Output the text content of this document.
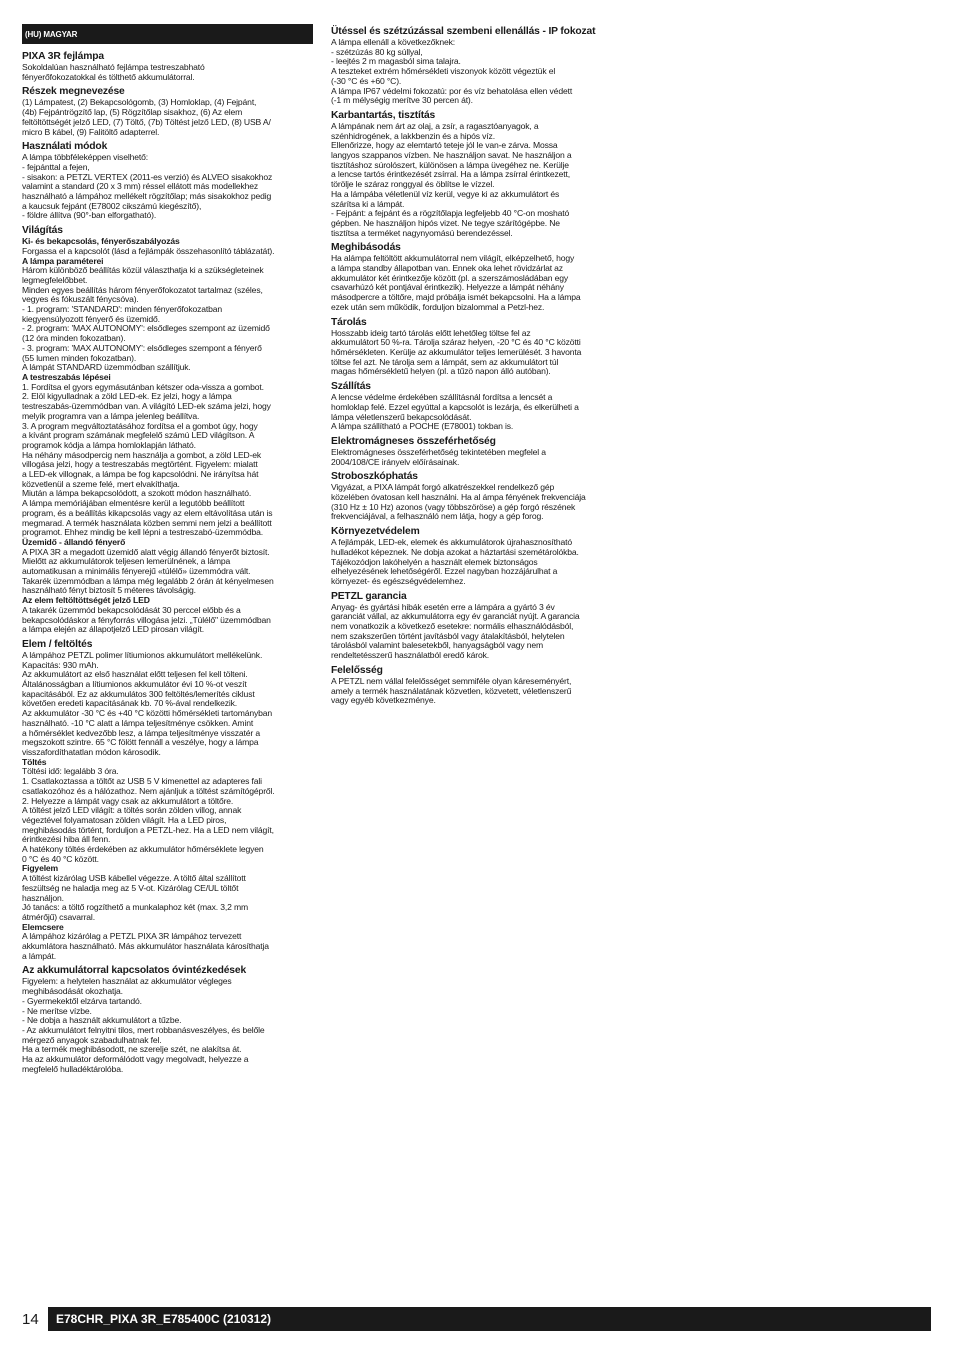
(HU) MAGYAR
PIXA 3R fejlámpa

Sokoldalúan használható fejlámpa testreszabható
fényerőfokozatokkal és tölthető akkumulátorral.

Részek megnevezése

(1) Lámpatest, (2) Bekapcsológomb, (3) Homloklap, (4) Fejpánt,
(4b) Fejpántrögzítő lap, (5) Rögzítőlap sisakhoz, (6) Az elem
feltöltöttségét jelző LED, (7) Töltő, (7b) Töltést jelző LED, (8) USB A/
micro B kábel, (9) Falitöltő adapterrel.

Használati módok

A lámpa többféleképpen viselhető:
- fejpánttal a fejen,
- sisakon: a PETZL VERTEX (2011-es verzió) és ALVEO sisakokhoz
valamint a standard (20 x 3 mm) réssel ellátott más modellekhez
használható a lámpához mellékelt rögzítőlap; más sisakokhoz pedig
a kaucsuk fejpánt (E78002 cikszámú kiegészítő),
- földre állítva (90°-ban elforgatható).

Világítás
Ki- és bekapcsolás, fényerőszabályozás

Forgassa el a kapcsolót (lásd a fejlámpák összehasonlító táblázatát).

A lámpa paraméterei

Három különböző beállítás közül választhatja ki a szükségleteinek
legmegfelelőbbet.
Minden egyes beállítás három fényerőfokozatot tartalmaz (széles,
vegyes és fókuszált fénycsóva).
- 1. program: 'STANDARD': minden fényerőfokozatban
kiegyensúlyozott fényerő és üzemidő.
- 2. program: 'MAX AUTONOMY': elsődleges szempont az üzemidő
(12 óra minden fokozatban).
- 3. program: 'MAX AUTONOMY': elsődleges szempont a fényerő
(55 lumen minden fokozatban).
A lámpát STANDARD üzemmódban szállítjuk.

A testreszabás lépései

1. Fordítsa el gyors egymásutánban kétszer oda-vissza a gombot.
2. Elöl kigyulladnak a zöld LED-ek. Ez jelzi, hogy a lámpa
testreszabás-üzemmódban van. A világító LED-ek száma jelzi, hogy
melyik programra van a lámpa jelenleg beállítva.
3. A program megváltoztatásához fordítsa el a gombot úgy, hogy
a kívánt program számának megfelelő számú LED világítson. A
programok kódja a lámpa homloklapján látható.
Ha néhány másodpercig nem használja a gombot, a zöld LED-ek
villogása jelzi, hogy a testreszabás megtörtént. Figyelem: mialatt
a LED-ek villognak, a lámpa be fog kapcsolódni. Ne irányítsa hát
közvetlenül a szeme felé, mert elvakíthatja.
Miután a lámpa bekapcsolódott, a szokott módon használható.
A lámpa memóriájában elmentésre kerül a legutóbb beállított
program, és a beállítás kikapcsolás vagy az elem eltávolítása után is
megmarad. A termék használata közben semmi nem jelzi a beállított
programot. Ehhez mindig be kell lépni a testreszabó-üzemmódba.

Üzemidő - állandó fényerő

A PIXA 3R a megadott üzemidő alatt végig állandó fényerőt biztosít.
Mielőtt az akkumulátorok teljesen lemerülnének, a lámpa
automatikusan a minimális fényerejű «túlélő» üzemmódra vált.
Takarék üzemmódban a lámpa még legalább 2 órán át kényelmesen
használható fényt biztosít 5 méteres távolságig.

Az elem feltöltöttségét jelző LED

A takarék üzemmód bekapcsolódását 30 perccel előbb és a
bekapcsolódáskor a fényforrás villogása jelzi. „Túlélő" üzemmódban
a lámpa elején az állapotjelző LED pirosan világít.

Elem / feltöltés

A lámpához PETZL polimer lítiumionos akkumulátort mellékelünk.
Kapacitás: 930 mAh.
Az akkumulátort az első használat előtt teljesen fel kell tölteni.
Általánosságban a lítiumionos akkumulátor évi 10 %-ot veszít
kapacitásából. Ez az akkumulátos 300 feltöltés/lemerítés ciklust
követően eredeti kapacitásának kb. 70 %-ával rendelkezik.
Az akkumulátor -30 °C és +40 °C közötti hőmérsékleti tartományban
használható. -10 °C alatt a lámpa teljesítménye csökken. Amint
a hőmérséklet kedvezőbb lesz, a lámpa teljesítménye visszatér a
megszokott szintre. 65 °C fölött fennáll a veszélye, hogy a lámpa
visszafordíthatatlan módon károsodik.

Töltés

Töltési idő: legalább 3 óra.
1. Csatlakoztassa a töltőt az USB 5 V kimenettel az adapteres fali
csatlakozóhoz és a hálózathoz. Nem ajánljuk a töltést számítógépről.
2. Helyezze a lámpát vagy csak az akkumulátort a töltőre.
A töltést jelző LED világít: a töltés során zölden villog, annak
végeztével folyamatosan zölden világít. Ha a LED piros,
meghibásodás történt, forduljon a PETZL-hez. Ha a LED nem világít,
érintkezési hiba áll fenn.
A hatékony töltés érdekében az akkumulátor hőmérséklete legyen
0 °C és 40 °C között.

Figyelem

A töltést kizárólag USB kábellel végezze. A töltő által szállított
feszültség ne haladja meg az 5 V-ot. Kizárólag CE/UL töltőt
használjon.
Jó tanács: a töltő rogzíthető a munkalaphoz két (max. 3,2 mm
átmérőjű) csavarral.

Elemcsere

A lámpához kizárólag a PETZL PIXA 3R lámpához tervezett
akkumlátora használható. Más akkumulátor használata károsíthatja
a lámpát.

Az akkumulátorral kapcsolatos óvintézkedések

Figyelem: a helytelen használat az akkumulátor végleges
meghibásodását okozhatja.
- Gyermekektől elzárva tartandó.
- Ne merítse vízbe.
- Ne dobja a használt akkumulátort a tűzbe.
- Az akkumulátort felnyitni tilos, mert robbanásveszélyes, és belőle
mérgező anyagok szabadulhatnak fel.
Ha a termék meghibásodott, ne szerelje szét, ne alakítsa át.
Ha az akkumulátor deformálódott vagy megolvadt, helyezze a
megfelelő hulladéktárolóba.

Ütéssel és szétzúzással szembeni ellenállás - IP fokozat

A lámpa ellenáll a következőknek:
- szétzúzás 80 kg súllyal,
- leejtés 2 m magasból sima talajra.
A teszteket extrém hőmérsékleti viszonyok között végeztük el
(-30 °C és +60 °C).
A lámpa IP67 védelmi fokozatú: por és víz behatolása ellen védett
(-1 m mélységig merítve 30 percen át).

Karbantartás, tisztítás

A lámpának nem árt az olaj, a zsír, a ragasztóanyagok, a
szénhidrogének, a lakkbenzin és a hipós víz.
Ellenőrizze, hogy az elemtartó teteje jól le van-e zárva. Mossa
langyos szappanos vízben. Ne használjon savat. Ne használjon a
tisztításhoz súrolószert, különösen a lámpa üvegéhez ne. Kerülje
a lencse tartós érintkezését zsírral. Ha a lámpa zsírral érintkezett,
törölje le száraz ronggyal és öblítse le vízzel.
Ha a lámpába véletlenül víz kerül, vegye ki az akkumulátort és
szárítsa ki a lámpát.
- Fejpánt: a fejpánt és a rögzítőlapja legfeljebb 40 °C-on mosható
gépben. Ne használjon hipós vizet. Ne tegye szárítógépbe. Ne
tisztítsa a terméket nagynyomású berendezéssel.

Meghibásodás

Ha alámpa feltöltött akkumulátorral nem világít, elképzelhető, hogy
a lámpa standby állapotban van. Ennek oka lehet rövidzárlat az
akkumulátor két érintkezője között (pl. a szerszámosládában egy
csavarhúzó két pontjával érintkezik). Helyezze a lámpát néhány
másodpercre a töltőre, majd próbálja ismét bekapcsolni. Ha a lámpa
ezek után sem működik, forduljon bizalommal a Petzl-hez.

Tárolás

Hosszabb ideig tartó tárolás előtt lehetőleg töltse fel az
akkumulátort 50 %-ra. Tárolja száraz helyen, -20 °C és 40 °C közötti
hőmérsékleten. Kerülje az akkumulátor teljes lemerülését. 3 havonta
töltse fel azt. Ne tárolja sem a lámpát, sem az akkumulátort túl
magas hőmérsékletű helyen (pl. a tűzö napon álló autóban).

Szállítás

A lencse védelme érdekében szállításnál fordítsa a lencsét a
homloklap felé. Ezzel egyúttal a kapcsolót is lezárja, és elkerülheti a
lámpa véletlenszerű bekapcsolódását.
A lámpa szállítható a POCHE (E78001) tokban is.

Elektromágneses összeférhetőség

Elektromágneses összeférhetőség tekintetében megfelel a
2004/108/CE irányelv előírásainak.

Stroboszkóphatás

Vigyázat, a PIXA lámpát forgó alkatrészekkel rendelkező gép
közelében óvatosan kell használni. Ha al ámpa fényének frekvenciája
(310 Hz ± 10 Hz) azonos (vagy többszöröse) a gép forgó részének
frekvenciájával, a felhasználó nem látja, hogy a gép forog.

Környezetvédelem

A fejlámpák, LED-ek, elemek és akkumulátorok újrahasznosítható
hulladékot képeznek. Ne dobja azokat a háztartási szemétárolókba.
Tájékozódjon lakóhelyén a használt elemek biztonságos
elhelyezésének lehetőségéről. Ezzel nagyban hozzájárulhat a
környezet- és egészségvédelemhez.

PETZL garancia

Anyag- és gyártási hibák esetén erre a lámpára a gyártó 3 év
garanciát vállal, az akkumulátorra egy év garanciát nyújt. A garancia
nem vonatkozik a következő esetekre: normális elhasználódásból,
nem szakszerűen történt javításból vagy átalakításból, helytelen
tárolásból valamint balesetekből, hanyagságból vagy nem
rendeltetésszerű használatból eredő károk.

Felelősség

A PETZL nem vállal felelősséget semmiféle olyan káreseményért,
amely a termék használatának közvetlen, közvetett, véletlenszerű
vagy egyéb következménye.

14	E78CHR_PIXA 3R_E785400C (210312)
